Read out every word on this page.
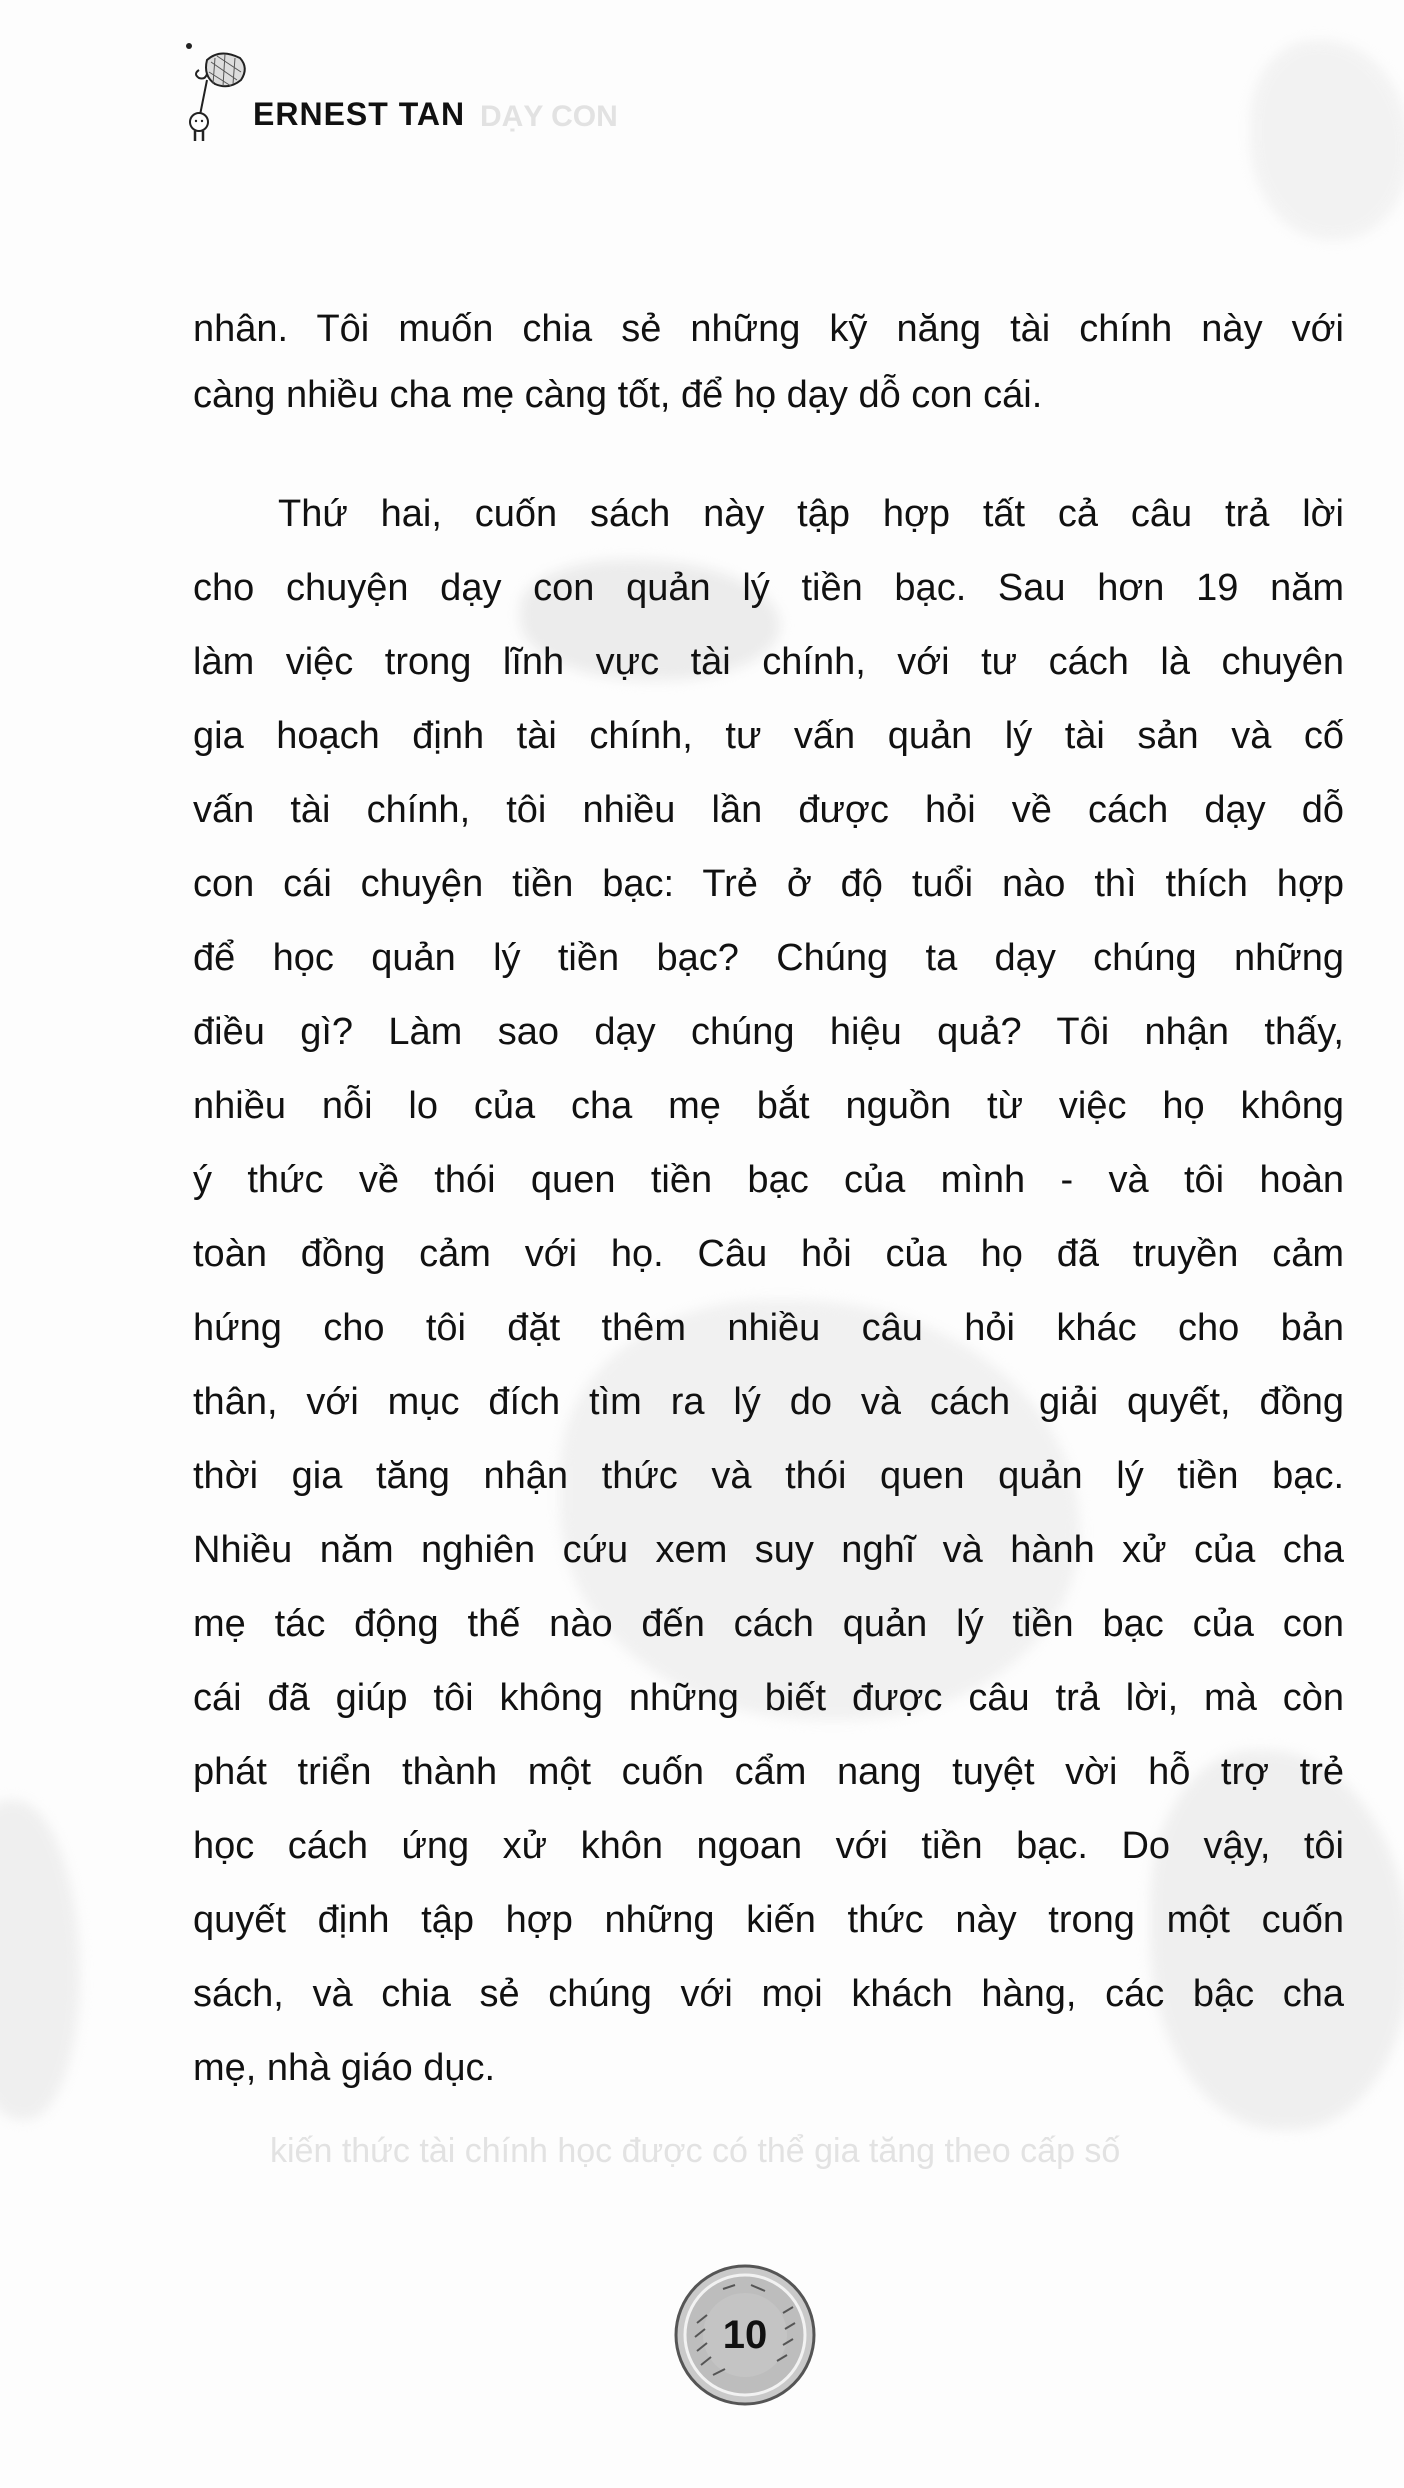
DẠY CON
kiến thức tài chính học được có thể gia tăng theo cấp số
ERNEST TAN
nhân. Tôi muốn chia sẻ những kỹ năng tài chính này với
càng nhiều cha mẹ càng tốt, để họ dạy dỗ con cái.
Thứ hai, cuốn sách này tập hợp tất cả câu trả lời
cho chuyện dạy con quản lý tiền bạc. Sau hơn 19 năm
làm việc trong lĩnh vực tài chính, với tư cách là chuyên
gia hoạch định tài chính, tư vấn quản lý tài sản và cố
vấn tài chính, tôi nhiều lần được hỏi về cách dạy dỗ
con cái chuyện tiền bạc: Trẻ ở độ tuổi nào thì thích hợp
để học quản lý tiền bạc? Chúng ta dạy chúng những
điều gì? Làm sao dạy chúng hiệu quả? Tôi nhận thấy,
nhiều nỗi lo của cha mẹ bắt nguồn từ việc họ không
ý thức về thói quen tiền bạc của mình - và tôi hoàn
toàn đồng cảm với họ. Câu hỏi của họ đã truyền cảm
hứng cho tôi đặt thêm nhiều câu hỏi khác cho bản
thân, với mục đích tìm ra lý do và cách giải quyết, đồng
thời gia tăng nhận thức và thói quen quản lý tiền bạc.
Nhiều năm nghiên cứu xem suy nghĩ và hành xử của cha
mẹ tác động thế nào đến cách quản lý tiền bạc của con
cái đã giúp tôi không những biết được câu trả lời, mà còn
phát triển thành một cuốn cẩm nang tuyệt vời hỗ trợ trẻ
học cách ứng xử khôn ngoan với tiền bạc. Do vậy, tôi
quyết định tập hợp những kiến thức này trong một cuốn
sách, và chia sẻ chúng với mọi khách hàng, các bậc cha
mẹ, nhà giáo dục.
10
